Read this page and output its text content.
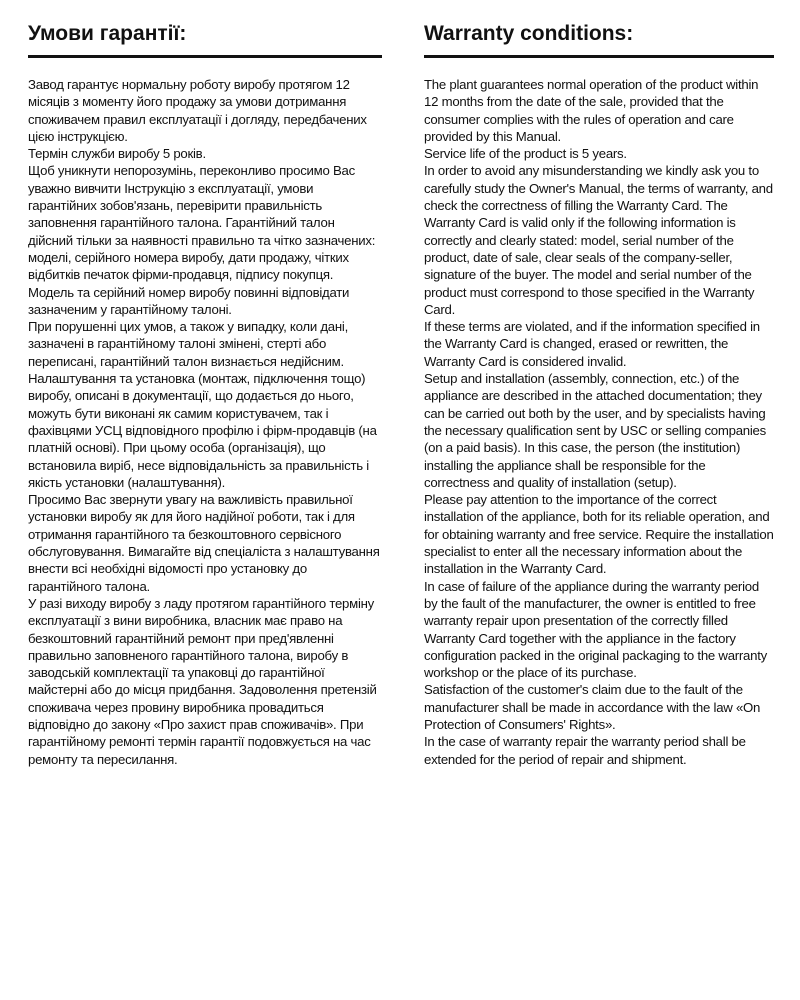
Умови гарантії:

Завод гарантує нормальну роботу виробу протягом 12 місяців з моменту його продажу за умови дотримання споживачем правил експлуатації і догляду, передбачених цією інструкцією.

Термін служби виробу 5 років.

Щоб уникнути непорозумінь, переконливо просимо Вас уважно вивчити Інструкцію з експлуатації, умови гарантійних зобов'язань, перевірити правильність заповнення гарантійного талона. Гарантійний талон дійсний тільки за наявності правильно та чітко зазначених: моделі, серійного номера виробу, дати продажу, чітких відбитків печаток фірми-продавця, підпису покупця. Модель та серійний номер виробу повинні відповідати зазначеним у гарантійному талоні.

При порушенні цих умов, а також у випадку, коли дані, зазначені в гарантійному талоні змінені, стерті або переписані, гарантійний талон визнається недійсним.

Налаштування та установка (монтаж, підключення тощо) виробу, описані в документації, що додається до нього, можуть бути виконані як самим користувачем, так і фахівцями УСЦ відповідного профілю і фірм-продавців (на платній основі). При цьому особа (організація), що встановила виріб, несе відповідальність за правильність і якість установки (налаштування).

Просимо Вас звернути увагу на важливість правильної установки виробу як для його надійної роботи, так і для отримання гарантійного та безкоштовного сервісного обслуговування. Вимагайте від спеціаліста з налаштування внести всі необхідні відомості про установку до гарантійного талона.

У разі виходу виробу з ладу протягом гарантійного терміну експлуатації з вини виробника, власник має право на безкоштовний гарантійний ремонт при пред'явленні правильно заповненого гарантійного талона, виробу в заводській комплектації та упаковці до гарантійної майстерні або до місця придбання. Задоволення претензій споживача через провину виробника провадиться відповідно до закону «Про захист прав споживачів». При гарантійному ремонті термін гарантії подовжується на час ремонту та пересилання.

Warranty conditions:

The plant guarantees normal operation of the product within 12 months from the date of the sale, provided that the consumer complies with the rules of operation and care provided by this Manual.

Service life of the product is 5 years.

In order to avoid any misunderstanding we kindly ask you to carefully study the Owner's Manual, the terms of warranty, and check the correctness of filling the Warranty Card. The Warranty Card is valid only if the following information is correctly and clearly stated: model, serial number of the product, date of sale, clear seals of the company-seller, signature of the buyer. The model and serial number of the product must correspond to those specified in the Warranty Card.

If these terms are violated, and if the information specified in the Warranty Card is changed, erased or rewritten, the Warranty Card is considered invalid.

Setup and installation (assembly, connection, etc.) of the appliance are described in the attached documentation; they can be carried out both by the user, and by specialists having the necessary qualification sent by USC or selling companies (on a paid basis). In this case, the person (the institution) installing the appliance shall be responsible for the correctness and quality of installation (setup).

Please pay attention to the importance of the correct installation of the appliance, both for its reliable operation, and for obtaining warranty and free service. Require the installation specialist to enter all the necessary information about the installation in the Warranty Card.

In case of failure of the appliance during the warranty period by the fault of the manufacturer, the owner is entitled to free warranty repair upon presentation of the correctly filled Warranty Card together with the appliance in the factory configuration packed in the original packaging to the warranty workshop or the place of its purchase.

Satisfaction of the customer's claim due to the fault of the manufacturer shall be made in accordance with the law «On Protection of Consumers' Rights».

In the case of warranty repair the warranty period shall be extended for the period of repair and shipment.
